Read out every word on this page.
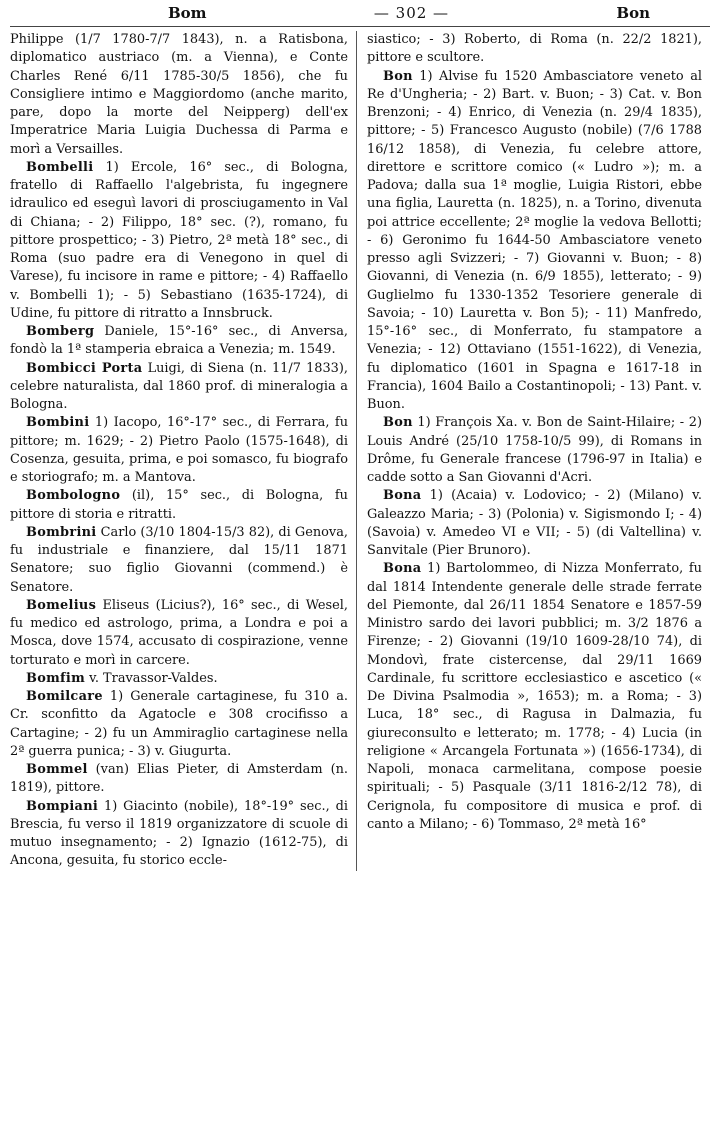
Bom	— 302 —	Bon

Philippe (1/7 1780-7/7 1843), n. a Ratisbona, diplomatico austriaco (m. a Vienna), e Conte Charles René 6/11 1785-30/5 1856), che fu Consigliere intimo e Maggiordomo (anche marito, pare, dopo la morte del Neipperg) dell'ex Imperatrice Maria Luigia Duchessa di Parma e morì a Versailles.

Bombelli 1) Ercole, 16° sec., di Bologna, fratello di Raffaello l'algebrista, fu ingegnere idraulico ed eseguì lavori di prosciugamento in Val di Chiana; - 2) Filippo, 18° sec. (?), romano, fu pittore prospettico; - 3) Pietro, 2ª metà 18° sec., di Roma (suo padre era di Venegono in quel di Varese), fu incisore in rame e pittore; - 4) Raffaello v. Bombelli 1); - 5) Sebastiano (1635-1724), di Udine, fu pittore di ritratto a Innsbruck.

Bomberg Daniele, 15°-16° sec., di Anversa, fondò la 1ª stamperia ebraica a Venezia; m. 1549.

Bombicci Porta Luigi, di Siena (n. 11/7 1833), celebre naturalista, dal 1860 prof. di mineralogia a Bologna.

Bombini 1) Iacopo, 16°-17° sec., di Ferrara, fu pittore; m. 1629; - 2) Pietro Paolo (1575-1648), di Cosenza, gesuita, prima, e poi somasco, fu biografo e storiografo; m. a Mantova.

Bombologno (il), 15° sec., di Bologna, fu pittore di storia e ritratti.

Bombrini Carlo (3/10 1804-15/3 82), di Genova, fu industriale e finanziere, dal 15/11 1871 Senatore; suo figlio Giovanni (commend.) è Senatore.

Bomelius Eliseus (Licius?), 16° sec., di Wesel, fu medico ed astrologo, prima, a Londra e poi a Mosca, dove 1574, accusato di cospirazione, venne torturato e morì in carcere.

Bomfim v. Travassor-Valdes.

Bomilcare 1) Generale cartaginese, fu 310 a. Cr. sconfitto da Agatocle e 308 crocifisso a Cartagine; - 2) fu un Ammiraglio cartaginese nella 2ª guerra punica; - 3) v. Giugurta.

Bommel (van) Elias Pieter, di Amsterdam (n. 1819), pittore.

Bompiani 1) Giacinto (nobile), 18°-19° sec., di Brescia, fu verso il 1819 organizzatore di scuole di mutuo insegnamento; - 2) Ignazio (1612-75), di Ancona, gesuita, fu storico eccle-

siastico; - 3) Roberto, di Roma (n. 22/2 1821), pittore e scultore.

Bon 1) Alvise fu 1520 Ambasciatore veneto al Re d'Ungheria; - 2) Bart. v. Buon; - 3) Cat. v. Bon Brenzoni; - 4) Enrico, di Venezia (n. 29/4 1835), pittore; - 5) Francesco Augusto (nobile) (7/6 1788 16/12 1858), di Venezia, fu celebre attore, direttore e scrittore comico (« Ludro »); m. a Padova; dalla sua 1ª moglie, Luigia Ristori, ebbe una figlia, Lauretta (n. 1825), n. a Torino, divenuta poi attrice eccellente; 2ª moglie la vedova Bellotti; - 6) Geronimo fu 1644-50 Ambasciatore veneto presso agli Svizzeri; - 7) Giovanni v. Buon; - 8) Giovanni, di Venezia (n. 6/9 1855), letterato; - 9) Guglielmo fu 1330-1352 Tesoriere generale di Savoia; - 10) Lauretta v. Bon 5); - 11) Manfredo, 15°-16° sec., di Monferrato, fu stampatore a Venezia; - 12) Ottaviano (1551-1622), di Venezia, fu diplomatico (1601 in Spagna e 1617-18 in Francia), 1604 Bailo a Costantinopoli; - 13) Pant. v. Buon.

Bon 1) François Xa. v. Bon de Saint-Hilaire; - 2) Louis André (25/10 1758-10/5 99), di Romans in Drôme, fu Generale francese (1796-97 in Italia) e cadde sotto a San Giovanni d'Acri.

Bona 1) (Acaia) v. Lodovico; - 2) (Milano) v. Galeazzo Maria; - 3) (Polonia) v. Sigismondo I; - 4) (Savoia) v. Amedeo VI e VII; - 5) (di Valtellina) v. Sanvitale (Pier Brunoro).

Bona 1) Bartolommeo, di Nizza Monferrato, fu dal 1814 Intendente generale delle strade ferrate del Piemonte, dal 26/11 1854 Senatore e 1857-59 Ministro sardo dei lavori pubblici; m. 3/2 1876 a Firenze; - 2) Giovanni (19/10 1609-28/10 74), di Mondovì, frate cistercense, dal 29/11 1669 Cardinale, fu scrittore ecclesiastico e ascetico (« De Divina Psalmodia », 1653); m. a Roma; - 3) Luca, 18° sec., di Ragusa in Dalmazia, fu giureconsulto e letterato; m. 1778; - 4) Lucia (in religione « Arcangela Fortunata ») (1656-1734), di Napoli, monaca carmelitana, compose poesie spirituali; - 5) Pasquale (3/11 1816-2/12 78), di Cerignola, fu compositore di musica e prof. di canto a Milano; - 6) Tommaso, 2ª metà 16°
